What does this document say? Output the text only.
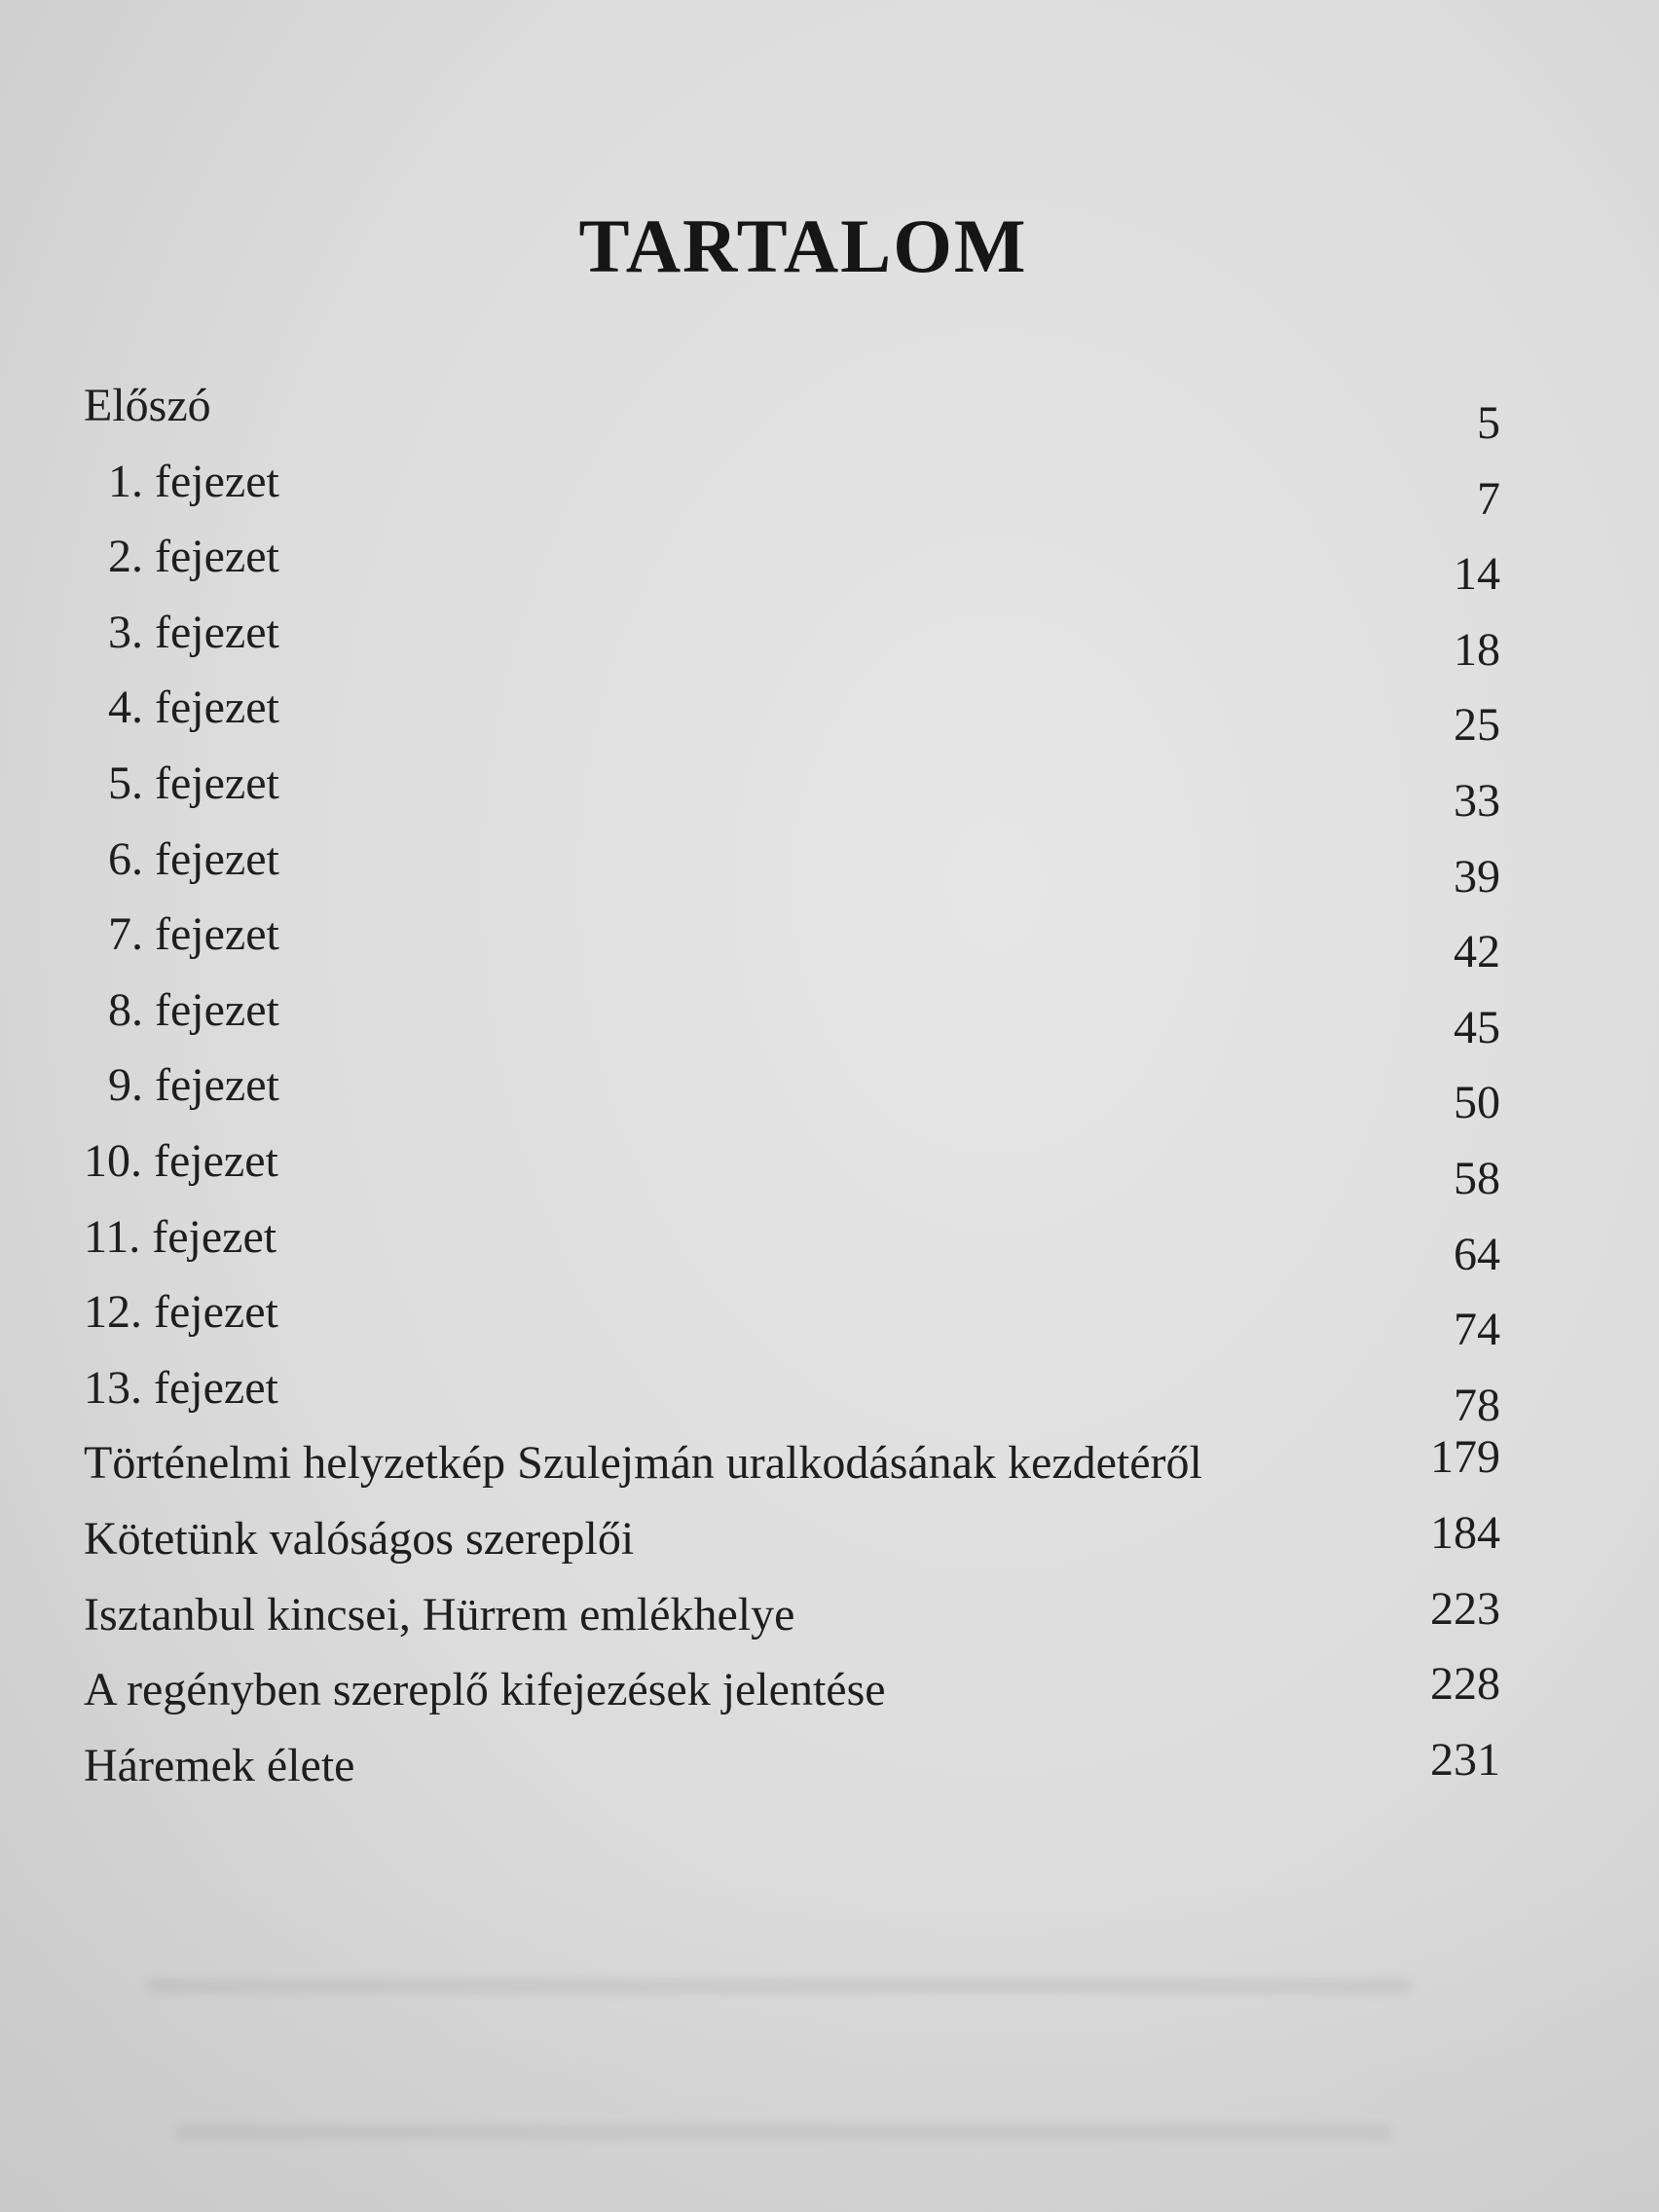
TARTALOM
Előszó	5
1. fejezet	7
2. fejezet	14
3. fejezet	18
4. fejezet	25
5. fejezet	33
6. fejezet	39
7. fejezet	42
8. fejezet	45
9. fejezet	50
10. fejezet	58
11. fejezet	64
12. fejezet	74
13. fejezet	78
Történelmi helyzetkép Szulejmán uralkodásának kezdetéről	179
Kötetünk valóságos szereplői	184
Isztanbul kincsei, Hürrem emlékhelye	223
A regényben szereplő kifejezések jelentése	228
Háremek élete	231
